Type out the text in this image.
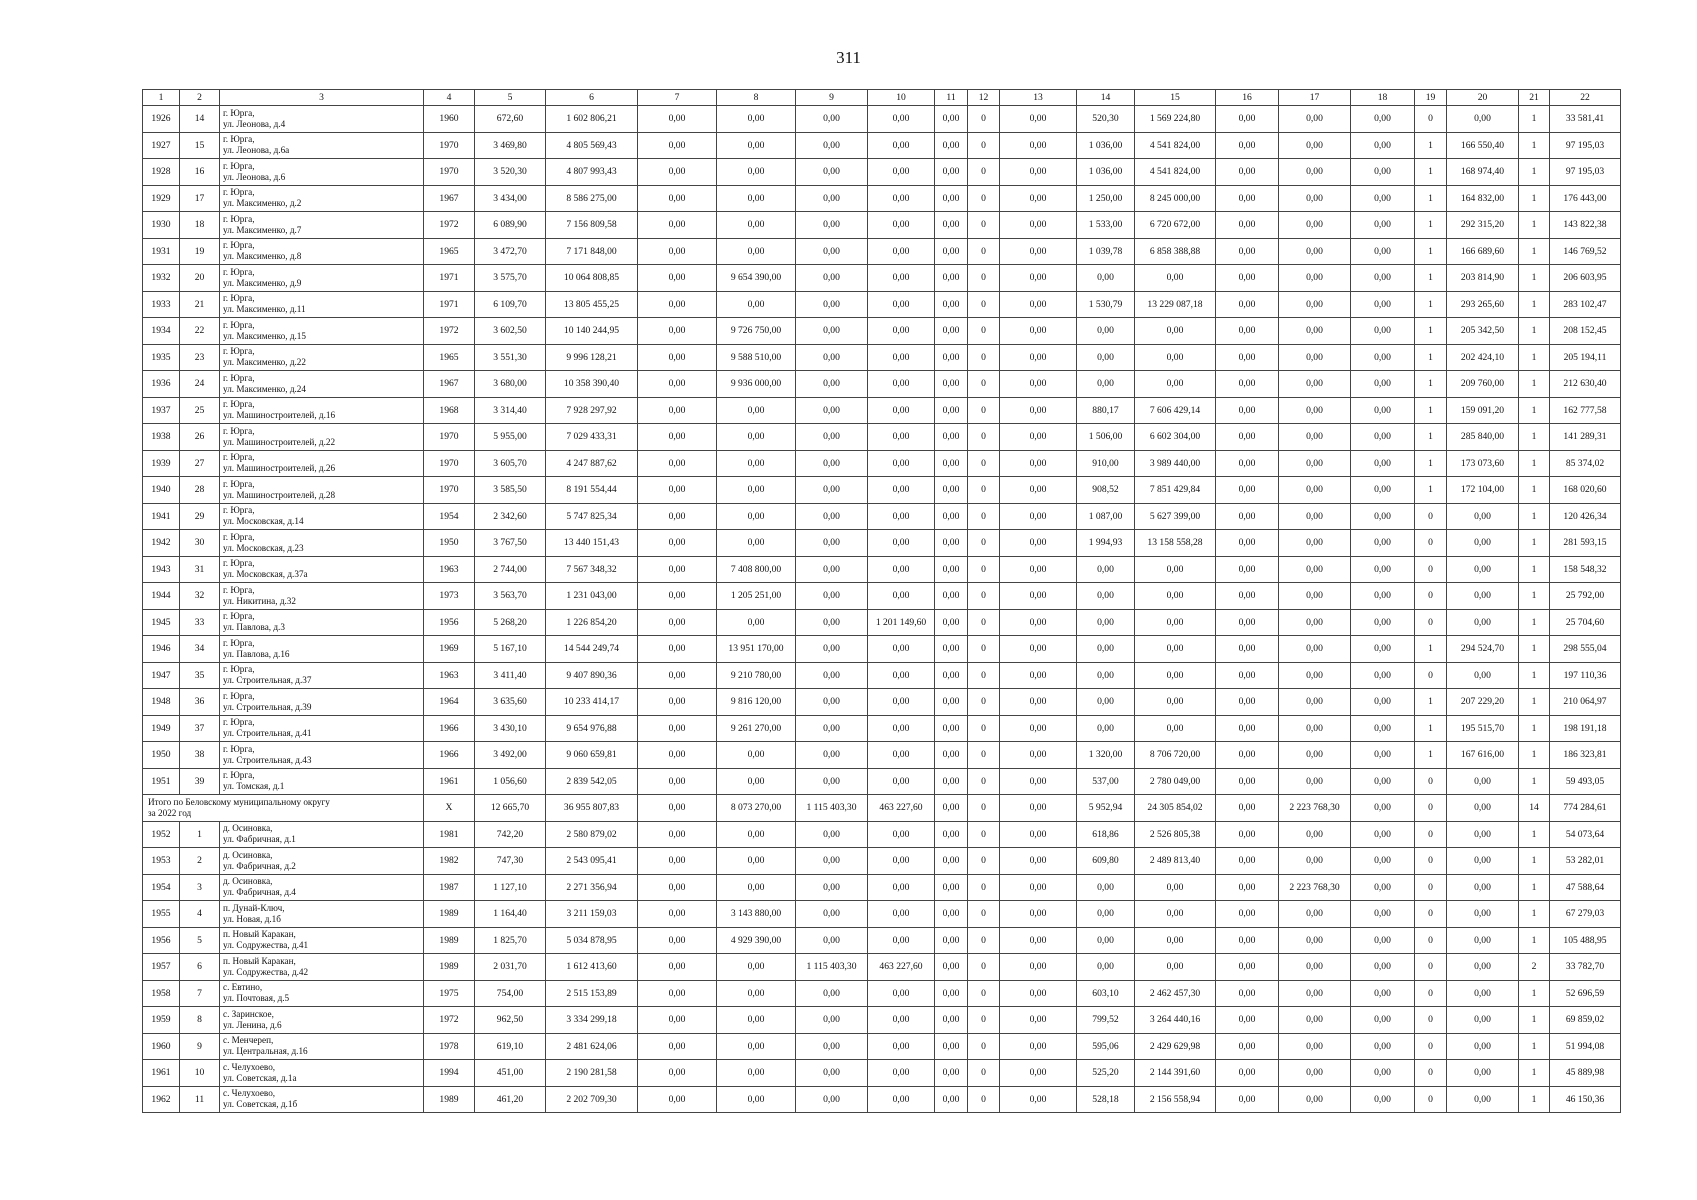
311
1	2	3	4	5	6	7	8	9	10	11	12	13	14	15	16	17	18	19	20	21	22
1926	14	г. Юрга,
ул. Леонова, д.4	1960	672,60	1 602 806,21	0,00	0,00	0,00	0,00	0,00	0	0,00	520,30	1 569 224,80	0,00	0,00	0,00	0	0,00	1	33 581,41
1927	15	г. Юрга,
ул. Леонова, д.6а	1970	3 469,80	4 805 569,43	0,00	0,00	0,00	0,00	0,00	0	0,00	1 036,00	4 541 824,00	0,00	0,00	0,00	1	166 550,40	1	97 195,03
1928	16	г. Юрга,
ул. Леонова, д.6	1970	3 520,30	4 807 993,43	0,00	0,00	0,00	0,00	0,00	0	0,00	1 036,00	4 541 824,00	0,00	0,00	0,00	1	168 974,40	1	97 195,03
1929	17	г. Юрга,
ул. Максименко, д.2	1967	3 434,00	8 586 275,00	0,00	0,00	0,00	0,00	0,00	0	0,00	1 250,00	8 245 000,00	0,00	0,00	0,00	1	164 832,00	1	176 443,00
1930	18	г. Юрга,
ул. Максименко, д.7	1972	6 089,90	7 156 809,58	0,00	0,00	0,00	0,00	0,00	0	0,00	1 533,00	6 720 672,00	0,00	0,00	0,00	1	292 315,20	1	143 822,38
1931	19	г. Юрга,
ул. Максименко, д.8	1965	3 472,70	7 171 848,00	0,00	0,00	0,00	0,00	0,00	0	0,00	1 039,78	6 858 388,88	0,00	0,00	0,00	1	166 689,60	1	146 769,52
1932	20	г. Юрга,
ул. Максименко, д.9	1971	3 575,70	10 064 808,85	0,00	9 654 390,00	0,00	0,00	0,00	0	0,00	0,00	0,00	0,00	0,00	0,00	1	203 814,90	1	206 603,95
1933	21	г. Юрга,
ул. Максименко, д.11	1971	6 109,70	13 805 455,25	0,00	0,00	0,00	0,00	0,00	0	0,00	1 530,79	13 229 087,18	0,00	0,00	0,00	1	293 265,60	1	283 102,47
1934	22	г. Юрга,
ул. Максименко, д.15	1972	3 602,50	10 140 244,95	0,00	9 726 750,00	0,00	0,00	0,00	0	0,00	0,00	0,00	0,00	0,00	0,00	1	205 342,50	1	208 152,45
1935	23	г. Юрга,
ул. Максименко, д.22	1965	3 551,30	9 996 128,21	0,00	9 588 510,00	0,00	0,00	0,00	0	0,00	0,00	0,00	0,00	0,00	0,00	1	202 424,10	1	205 194,11
1936	24	г. Юрга,
ул. Максименко, д.24	1967	3 680,00	10 358 390,40	0,00	9 936 000,00	0,00	0,00	0,00	0	0,00	0,00	0,00	0,00	0,00	0,00	1	209 760,00	1	212 630,40
1937	25	г. Юрга,
ул. Машиностроителей, д.16	1968	3 314,40	7 928 297,92	0,00	0,00	0,00	0,00	0,00	0	0,00	880,17	7 606 429,14	0,00	0,00	0,00	1	159 091,20	1	162 777,58
1938	26	г. Юрга,
ул. Машиностроителей, д.22	1970	5 955,00	7 029 433,31	0,00	0,00	0,00	0,00	0,00	0	0,00	1 506,00	6 602 304,00	0,00	0,00	0,00	1	285 840,00	1	141 289,31
1939	27	г. Юрга,
ул. Машиностроителей, д.26	1970	3 605,70	4 247 887,62	0,00	0,00	0,00	0,00	0,00	0	0,00	910,00	3 989 440,00	0,00	0,00	0,00	1	173 073,60	1	85 374,02
1940	28	г. Юрга,
ул. Машиностроителей, д.28	1970	3 585,50	8 191 554,44	0,00	0,00	0,00	0,00	0,00	0	0,00	908,52	7 851 429,84	0,00	0,00	0,00	1	172 104,00	1	168 020,60
1941	29	г. Юрга,
ул. Московская, д.14	1954	2 342,60	5 747 825,34	0,00	0,00	0,00	0,00	0,00	0	0,00	1 087,00	5 627 399,00	0,00	0,00	0,00	0	0,00	1	120 426,34
1942	30	г. Юрга,
ул. Московская, д.23	1950	3 767,50	13 440 151,43	0,00	0,00	0,00	0,00	0,00	0	0,00	1 994,93	13 158 558,28	0,00	0,00	0,00	0	0,00	1	281 593,15
1943	31	г. Юрга,
ул. Московская, д.37а	1963	2 744,00	7 567 348,32	0,00	7 408 800,00	0,00	0,00	0,00	0	0,00	0,00	0,00	0,00	0,00	0,00	0	0,00	1	158 548,32
1944	32	г. Юрга,
ул. Никитина, д.32	1973	3 563,70	1 231 043,00	0,00	1 205 251,00	0,00	0,00	0,00	0	0,00	0,00	0,00	0,00	0,00	0,00	0	0,00	1	25 792,00
1945	33	г. Юрга,
ул. Павлова, д.3	1956	5 268,20	1 226 854,20	0,00	0,00	0,00	1 201 149,60	0,00	0	0,00	0,00	0,00	0,00	0,00	0,00	0	0,00	1	25 704,60
1946	34	г. Юрга,
ул. Павлова, д.16	1969	5 167,10	14 544 249,74	0,00	13 951 170,00	0,00	0,00	0,00	0	0,00	0,00	0,00	0,00	0,00	0,00	1	294 524,70	1	298 555,04
1947	35	г. Юрга,
ул. Строительная, д.37	1963	3 411,40	9 407 890,36	0,00	9 210 780,00	0,00	0,00	0,00	0	0,00	0,00	0,00	0,00	0,00	0,00	0	0,00	1	197 110,36
1948	36	г. Юрга,
ул. Строительная, д.39	1964	3 635,60	10 233 414,17	0,00	9 816 120,00	0,00	0,00	0,00	0	0,00	0,00	0,00	0,00	0,00	0,00	1	207 229,20	1	210 064,97
1949	37	г. Юрга,
ул. Строительная, д.41	1966	3 430,10	9 654 976,88	0,00	9 261 270,00	0,00	0,00	0,00	0	0,00	0,00	0,00	0,00	0,00	0,00	1	195 515,70	1	198 191,18
1950	38	г. Юрга,
ул. Строительная, д.43	1966	3 492,00	9 060 659,81	0,00	0,00	0,00	0,00	0,00	0	0,00	1 320,00	8 706 720,00	0,00	0,00	0,00	1	167 616,00	1	186 323,81
1951	39	г. Юрга,
ул. Томская, д.1	1961	1 056,60	2 839 542,05	0,00	0,00	0,00	0,00	0,00	0	0,00	537,00	2 780 049,00	0,00	0,00	0,00	0	0,00	1	59 493,05
Итого по Беловскому муниципальному округу
за 2022 год			X	12 665,70	36 955 807,83	0,00	8 073 270,00	1 115 403,30	463 227,60	0,00	0	0,00	5 952,94	24 305 854,02	0,00	2 223 768,30	0,00	0	0,00	14	774 284,61
1952	1	д. Осиновка,
ул. Фабричная, д.1	1981	742,20	2 580 879,02	0,00	0,00	0,00	0,00	0,00	0	0,00	618,86	2 526 805,38	0,00	0,00	0,00	0	0,00	1	54 073,64
1953	2	д. Осиновка,
ул. Фабричная, д.2	1982	747,30	2 543 095,41	0,00	0,00	0,00	0,00	0,00	0	0,00	609,80	2 489 813,40	0,00	0,00	0,00	0	0,00	1	53 282,01
1954	3	д. Осиновка,
ул. Фабричная, д.4	1987	1 127,10	2 271 356,94	0,00	0,00	0,00	0,00	0,00	0	0,00	0,00	0,00	0,00	2 223 768,30	0,00	0	0,00	1	47 588,64
1955	4	п. Дунай-Ключ,
ул. Новая, д.1б	1989	1 164,40	3 211 159,03	0,00	3 143 880,00	0,00	0,00	0,00	0	0,00	0,00	0,00	0,00	0,00	0,00	0	0,00	1	67 279,03
1956	5	п. Новый Каракан,
ул. Содружества, д.41	1989	1 825,70	5 034 878,95	0,00	4 929 390,00	0,00	0,00	0,00	0	0,00	0,00	0,00	0,00	0,00	0,00	0	0,00	1	105 488,95
1957	6	п. Новый Каракан,
ул. Содружества, д.42	1989	2 031,70	1 612 413,60	0,00	0,00	1 115 403,30	463 227,60	0,00	0	0,00	0,00	0,00	0,00	0,00	0,00	0	0,00	2	33 782,70
1958	7	с. Евтино,
ул. Почтовая, д.5	1975	754,00	2 515 153,89	0,00	0,00	0,00	0,00	0,00	0	0,00	603,10	2 462 457,30	0,00	0,00	0,00	0	0,00	1	52 696,59
1959	8	с. Заринское,
ул. Ленина, д.6	1972	962,50	3 334 299,18	0,00	0,00	0,00	0,00	0,00	0	0,00	799,52	3 264 440,16	0,00	0,00	0,00	0	0,00	1	69 859,02
1960	9	с. Менчереп,
ул. Центральная, д.16	1978	619,10	2 481 624,06	0,00	0,00	0,00	0,00	0,00	0	0,00	595,06	2 429 629,98	0,00	0,00	0,00	0	0,00	1	51 994,08
1961	10	с. Челухоево,
ул. Советская, д.1а	1994	451,00	2 190 281,58	0,00	0,00	0,00	0,00	0,00	0	0,00	525,20	2 144 391,60	0,00	0,00	0,00	0	0,00	1	45 889,98
1962	11	с. Челухоево,
ул. Советская, д.1б	1989	461,20	2 202 709,30	0,00	0,00	0,00	0,00	0,00	0	0,00	528,18	2 156 558,94	0,00	0,00	0,00	0	0,00	1	46 150,36
